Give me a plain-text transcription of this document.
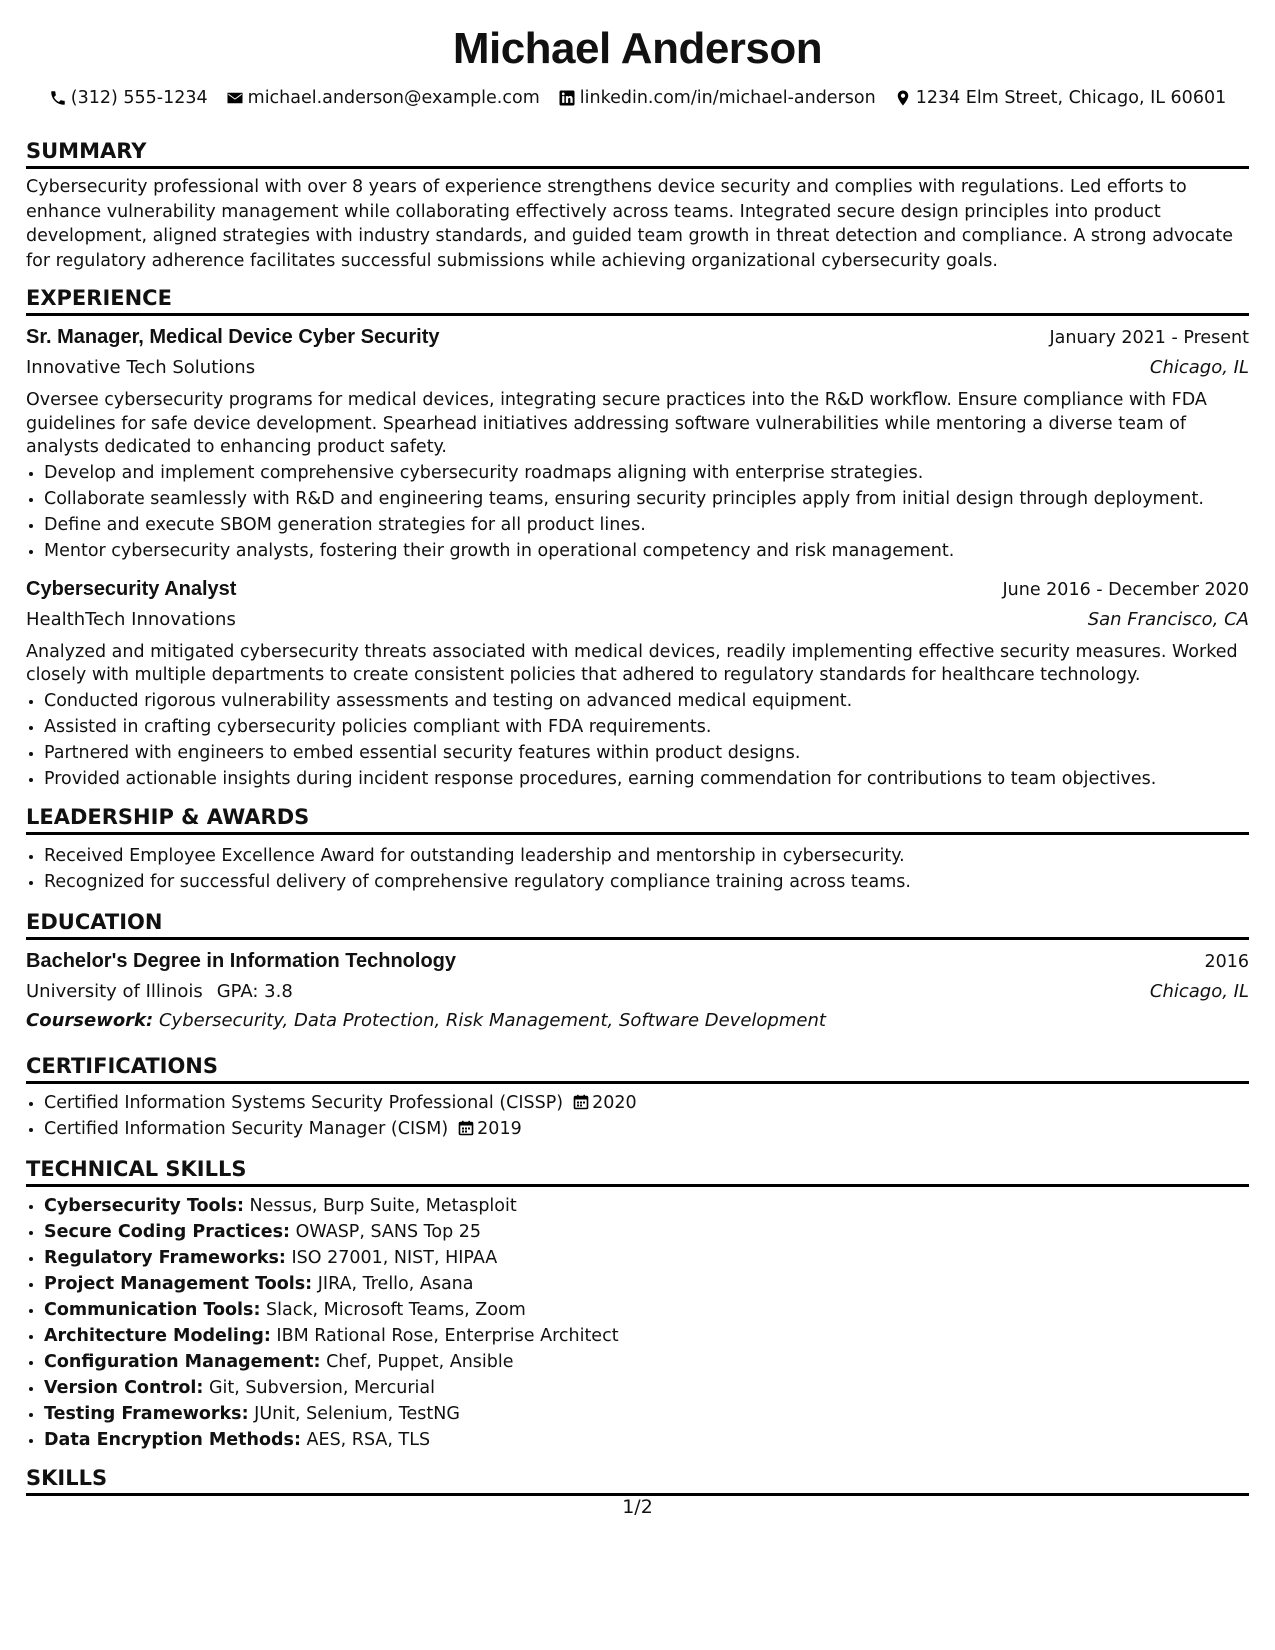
Michael Anderson
(312) 555-1234 michael.anderson@example.com linkedin.com/in/michael-anderson 1234 Elm Street, Chicago, IL 60601
SUMMARY
Cybersecurity professional with over 8 years of experience strengthens device security and complies with regulations. Led efforts to enhance vulnerability management while collaborating effectively across teams. Integrated secure design principles into product development, aligned strategies with industry standards, and guided team growth in threat detection and compliance. A strong advocate for regulatory adherence facilitates successful submissions while achieving organizational cybersecurity goals.
EXPERIENCE
Sr. Manager, Medical Device Cyber Security	January 2021 - Present
Innovative Tech Solutions	Chicago, IL
Oversee cybersecurity programs for medical devices, integrating secure practices into the R&D workflow. Ensure compliance with FDA guidelines for safe device development. Spearhead initiatives addressing software vulnerabilities while mentoring a diverse team of analysts dedicated to enhancing product safety.
• Develop and implement comprehensive cybersecurity roadmaps aligning with enterprise strategies.
• Collaborate seamlessly with R&D and engineering teams, ensuring security principles apply from initial design through deployment.
• Define and execute SBOM generation strategies for all product lines.
• Mentor cybersecurity analysts, fostering their growth in operational competency and risk management.
Cybersecurity Analyst	June 2016 - December 2020
HealthTech Innovations	San Francisco, CA
Analyzed and mitigated cybersecurity threats associated with medical devices, readily implementing effective security measures. Worked closely with multiple departments to create consistent policies that adhered to regulatory standards for healthcare technology.
• Conducted rigorous vulnerability assessments and testing on advanced medical equipment.
• Assisted in crafting cybersecurity policies compliant with FDA requirements.
• Partnered with engineers to embed essential security features within product designs.
• Provided actionable insights during incident response procedures, earning commendation for contributions to team objectives.
LEADERSHIP & AWARDS
• Received Employee Excellence Award for outstanding leadership and mentorship in cybersecurity.
• Recognized for successful delivery of comprehensive regulatory compliance training across teams.
EDUCATION
Bachelor's Degree in Information Technology	2016
University of Illinois GPA: 3.8	Chicago, IL
Coursework: Cybersecurity, Data Protection, Risk Management, Software Development
CERTIFICATIONS
• Certified Information Systems Security Professional (CISSP) 2020
• Certified Information Security Manager (CISM) 2019
TECHNICAL SKILLS
• Cybersecurity Tools: Nessus, Burp Suite, Metasploit
• Secure Coding Practices: OWASP, SANS Top 25
• Regulatory Frameworks: ISO 27001, NIST, HIPAA
• Project Management Tools: JIRA, Trello, Asana
• Communication Tools: Slack, Microsoft Teams, Zoom
• Architecture Modeling: IBM Rational Rose, Enterprise Architect
• Configuration Management: Chef, Puppet, Ansible
• Version Control: Git, Subversion, Mercurial
• Testing Frameworks: JUnit, Selenium, TestNG
• Data Encryption Methods: AES, RSA, TLS
SKILLS
1/2
